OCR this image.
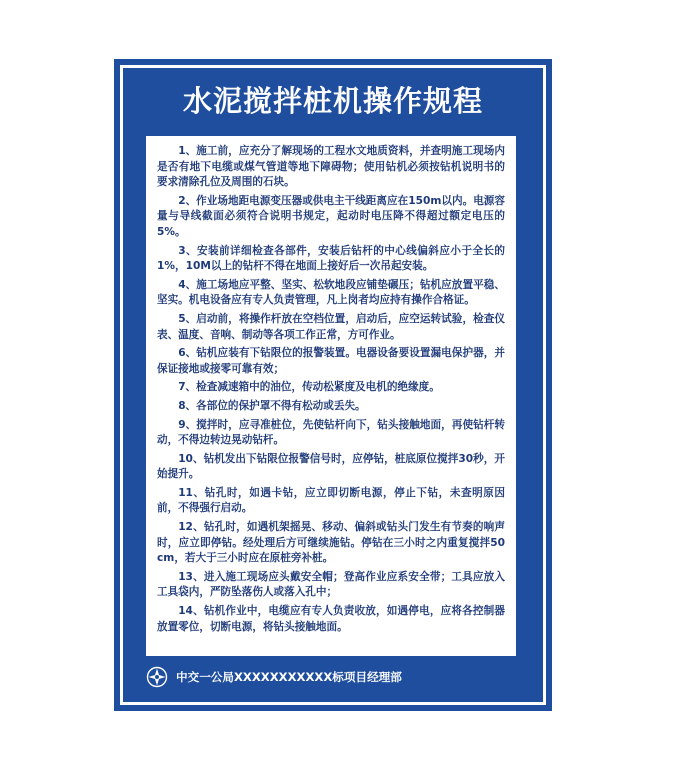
水泥搅拌桩机操作规程

1、施工前，应充分了解现场的工程水文地质资料，并查明施工现场内是否有地下电缆或煤气管道等地下障碍物；使用钻机必须按钻机说明书的要求清除孔位及周围的石块。

2、作业场地距电源变压器或供电主干线距离应在150m以内。电源容量与导线截面必须符合说明书规定，起动时电压降不得超过额定电压的5%。

3、安装前详细检查各部件，安装后钻杆的中心线偏斜应小于全长的1%，10M以上的钻杆不得在地面上接好后一次吊起安装。

4、施工场地应平整、坚实、松软地段应铺垫碾压；钻机应放置平稳、坚实。机电设备应有专人负责管理，凡上岗者均应持有操作合格证。

5、启动前，将操作杆放在空档位置，启动后，应空运转试验，检查仪表、温度、音响、制动等各项工作正常，方可作业。

6、钻机应装有下钻限位的报警装置。电器设备要设置漏电保护器，并保证接地或接零可靠有效；

7、检查减速箱中的油位，传动松紧度及电机的绝缘度。

8、各部位的保护罩不得有松动或丢失。

9、搅拌时，应寻准桩位，先使钻杆向下，钻头接触地面，再使钻杆转动，不得边转边晃动钻杆。

10、钻机发出下钻限位报警信号时，应停钻，桩底原位搅拌30秒，开始提升。

11、钻孔时，如遇卡钻，应立即切断电源，停止下钻，未查明原因前，不得强行启动。

12、钻孔时，如遇机架摇晃、移动、偏斜或钻头门发生有节奏的响声时，应立即停钻。经处理后方可继续施钻。停钻在三小时之内重复搅拌50cm，若大于三小时应在原桩旁补桩。

13、进入施工现场应头戴安全帽；登高作业应系安全带；工具应放入工具袋内，严防坠落伤人或落入孔中；

14、钻机作业中，电缆应有专人负责收放，如遇停电，应将各控制器放置零位，切断电源，将钻头接触地面。

中交一公局XXXXXXXXXXX标项目经理部
